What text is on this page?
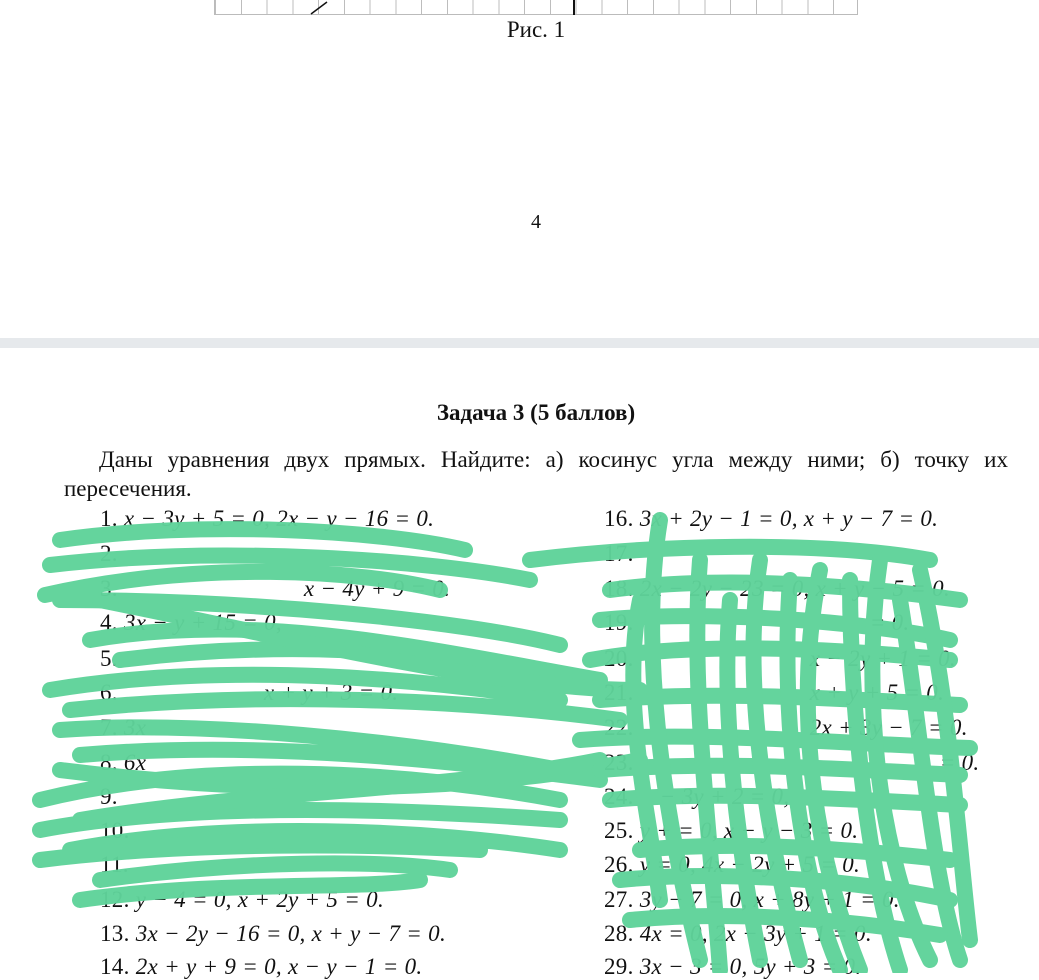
Рис. 1
4
Задача 3 (5 баллов)

Даны уравнения двух прямых. Найдите: а) косинус угла между ними; б) точку их пересечения.

1. x − 3y + 5 = 0, 2x − y − 16 = 0.
2.
3.	x − 4y + 9 = 0.
4. 3x − y + 15 = 0,
5.
6.	x + y + 3 = 0.
7. 3x
8. 6x
9.
10.
11.
12. y − 4 = 0, x + 2y + 5 = 0.
13. 3x − 2y − 16 = 0, x + y − 7 = 0.
14. 2x + y + 9 = 0, x − y − 1 = 0.
16. 3x + 2y − 1 = 0, x + y − 7 = 0.
17.
18. 2x − 2y − 23 = 0, x + y − 5 = 0.
19.	= 0.
20.	x − 2y + 1 = 0.
21.	x + y + 5 = 0.
22.	2x + 3y − 7 = 0.
23.	= 0.
24. − 3y + 2 = 0,
25. y + = 0, x − y − 3 = 0.
26. y = 0, 4x − 2y + 5 = 0.
27. 3y − 7 = 0, x + 8y + 1 = 0.
28. 4x = 0, 2x − 3y + 1 = 0.
29. 3x − 3 = 0, 5y + 3 = 0.
